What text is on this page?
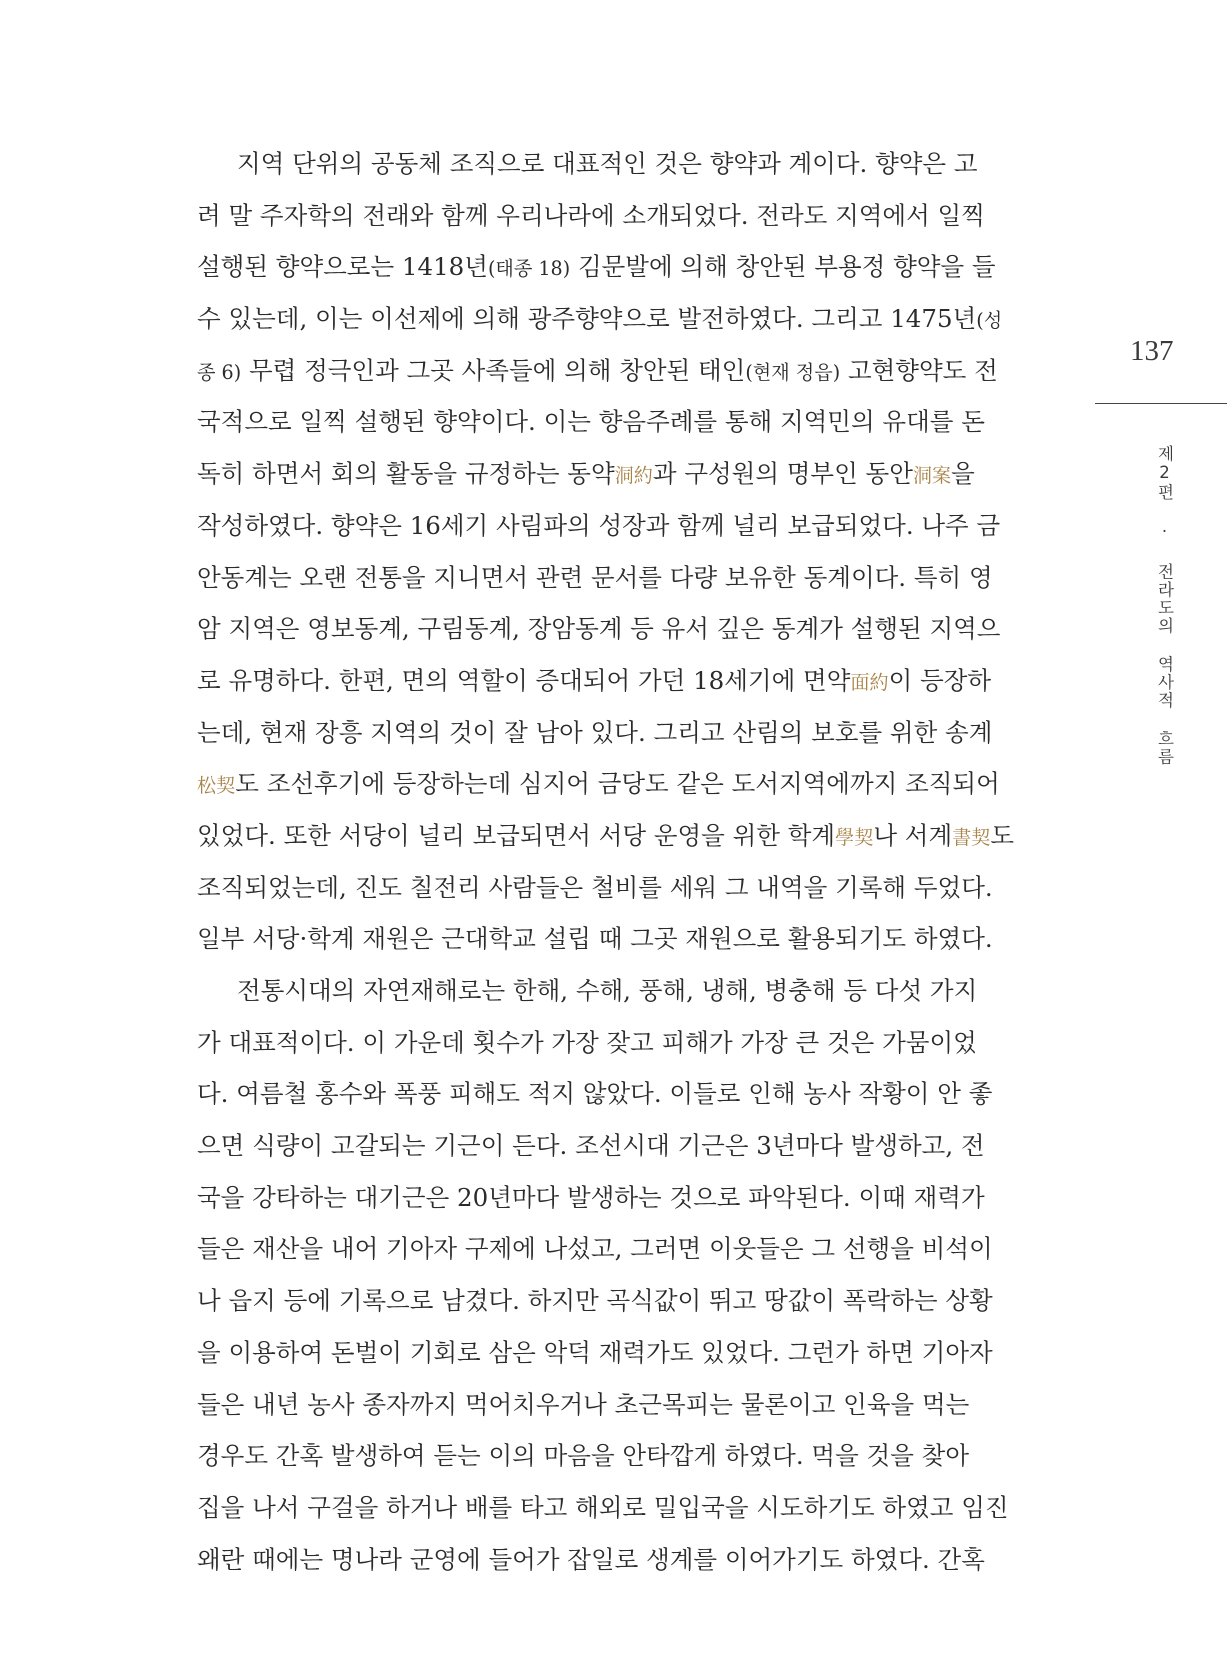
지역 단위의 공동체 조직으로 대표적인 것은 향약과 계이다. 향약은 고
려 말 주자학의 전래와 함께 우리나라에 소개되었다. 전라도 지역에서 일찍
설행된 향약으로는 1418년(태종 18) 김문발에 의해 창안된 부용정 향약을 들
수 있는데, 이는 이선제에 의해 광주향약으로 발전하였다. 그리고 1475년(성
종 6) 무렵 정극인과 그곳 사족들에 의해 창안된 태인(현재 정읍) 고현향약도 전
국적으로 일찍 설행된 향약이다. 이는 향음주례를 통해 지역민의 유대를 돈
독히 하면서 회의 활동을 규정하는 동약洞約과 구성원의 명부인 동안洞案을
작성하였다. 향약은 16세기 사림파의 성장과 함께 널리 보급되었다. 나주 금
안동계는 오랜 전통을 지니면서 관련 문서를 다량 보유한 동계이다. 특히 영
암 지역은 영보동계, 구림동계, 장암동계 등 유서 깊은 동계가 설행된 지역으
로 유명하다. 한편, 면의 역할이 증대되어 가던 18세기에 면약面約이 등장하
는데, 현재 장흥 지역의 것이 잘 남아 있다. 그리고 산림의 보호를 위한 송계
松契도 조선후기에 등장하는데 심지어 금당도 같은 도서지역에까지 조직되어
있었다. 또한 서당이 널리 보급되면서 서당 운영을 위한 학계學契나 서계書契도
조직되었는데, 진도 칠전리 사람들은 철비를 세워 그 내역을 기록해 두었다.
일부 서당·학계 재원은 근대학교 설립 때 그곳 재원으로 활용되기도 하였다.
전통시대의 자연재해로는 한해, 수해, 풍해, 냉해, 병충해 등 다섯 가지
가 대표적이다. 이 가운데 횟수가 가장 잦고 피해가 가장 큰 것은 가뭄이었
다. 여름철 홍수와 폭풍 피해도 적지 않았다. 이들로 인해 농사 작황이 안 좋
으면 식량이 고갈되는 기근이 든다. 조선시대 기근은 3년마다 발생하고, 전
국을 강타하는 대기근은 20년마다 발생하는 것으로 파악된다. 이때 재력가
들은 재산을 내어 기아자 구제에 나섰고, 그러면 이웃들은 그 선행을 비석이
나 읍지 등에 기록으로 남겼다. 하지만 곡식값이 뛰고 땅값이 폭락하는 상황
을 이용하여 돈벌이 기회로 삼은 악덕 재력가도 있었다. 그런가 하면 기아자
들은 내년 농사 종자까지 먹어치우거나 초근목피는 물론이고 인육을 먹는
경우도 간혹 발생하여 듣는 이의 마음을 안타깝게 하였다. 먹을 것을 찾아
집을 나서 구걸을 하거나 배를 타고 해외로 밀입국을 시도하기도 하였고 임진
왜란 때에는 명나라 군영에 들어가 잡일로 생계를 이어가기도 하였다. 간혹
137
제2편 · 전라도의 역사적 흐름
